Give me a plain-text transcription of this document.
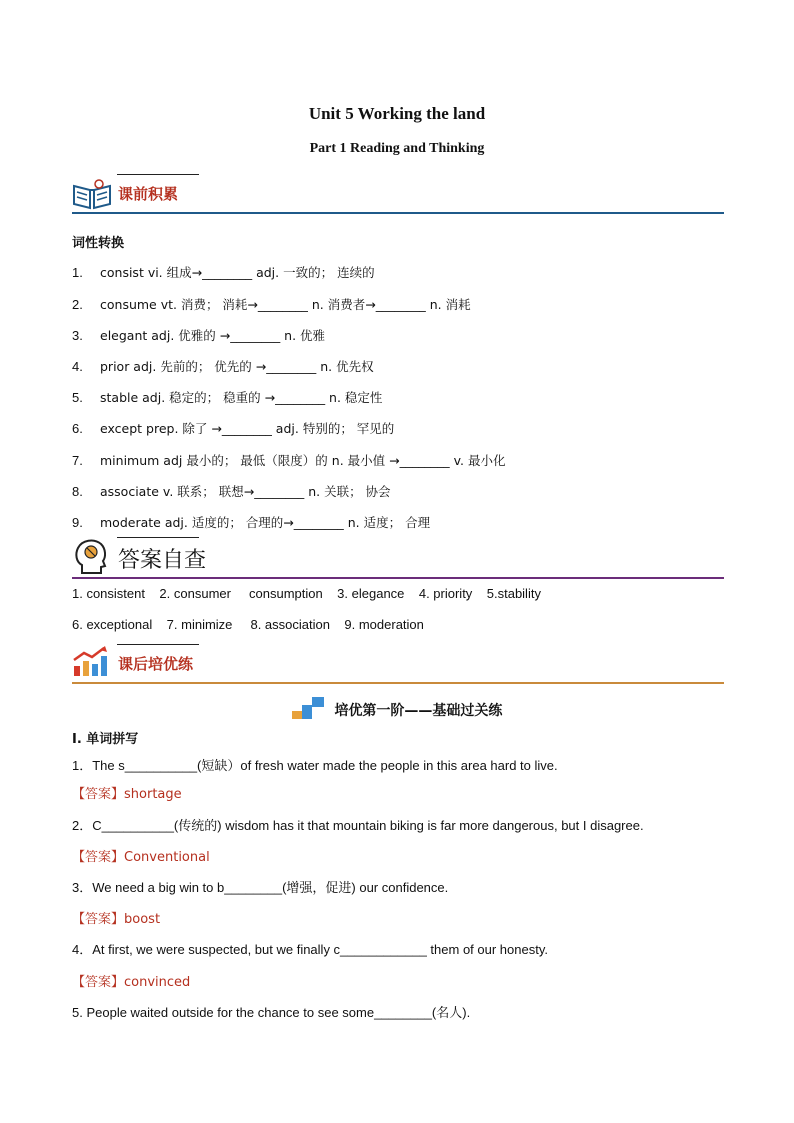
Unit 5 Working the land
Part 1 Reading and Thinking
课前积累
词性转换
1. consist vi. 组成→________ adj. 一致的； 连续的
2. consume vt. 消费； 消耗→________ n. 消费者→________ n. 消耗
3. elegant adj. 优雅的 →________ n. 优雅
4. prior adj. 先前的； 优先的 →________ n. 优先权
5. stable adj. 稳定的； 稳重的 →________ n. 稳定性
6. except prep. 除了 →________ adj. 特别的； 罕见的
7. minimum adj 最小的； 最低（限度）的 n. 最小值 →________ v. 最小化
8. associate v. 联系； 联想→________ n. 关联； 协会
9. moderate adj. 适度的； 合理的→________ n. 适度； 合理
答案自查
1. consistent    2. consumer     consumption    3. elegance    4. priority    5.stability
6. exceptional    7. minimize     8. association    9. moderation
课后培优练
培优第一阶——基础过关练
I. 单词拼写
1．The s__________(短缺）of fresh water made the people in this area hard to live.
【答案】shortage
2．C__________(传统的) wisdom has it that mountain biking is far more dangerous, but I disagree.
【答案】Conventional
3．We need a big win to b________(增强，促进) our confidence.
【答案】boost
4．At first, we were suspected, but we finally c____________ them of our honesty.
【答案】convinced
5. People waited outside for the chance to see some________(名人).
